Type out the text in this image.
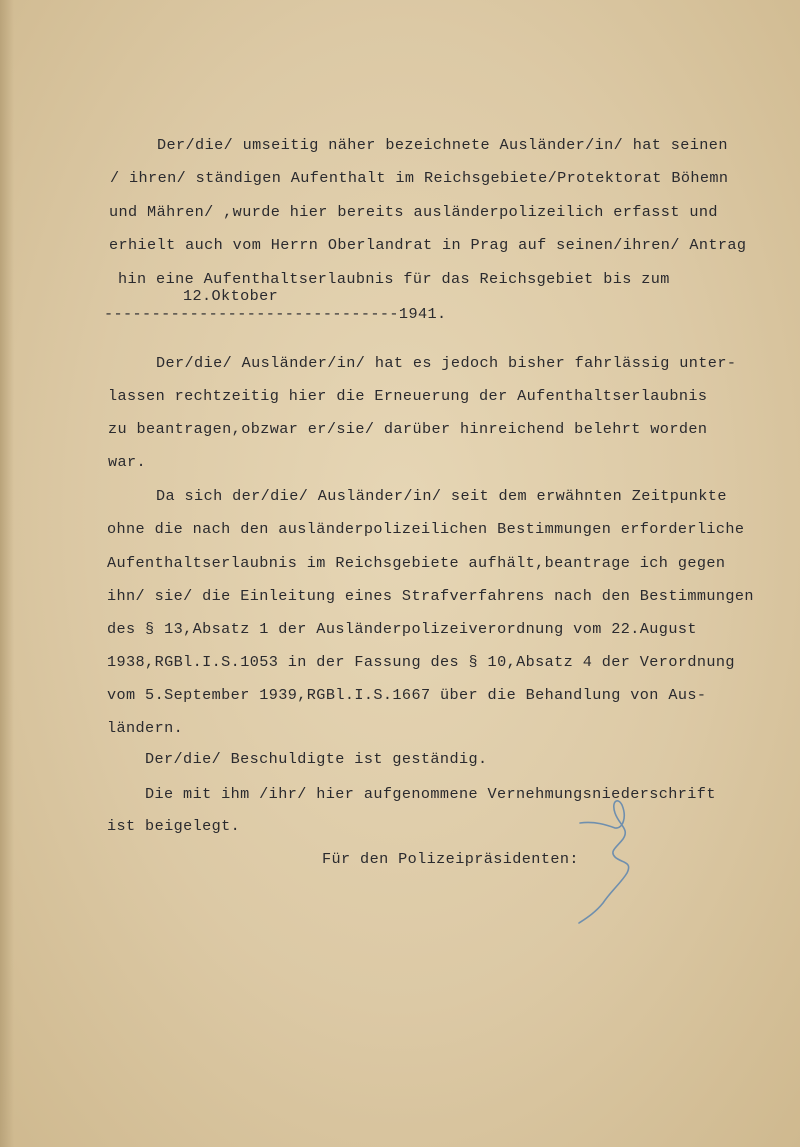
Der/die/ umseitig näher bezeichnete Ausländer/in/ hat seinen
/ ihren/ ständigen Aufenthalt im Reichsgebiete/Protektorat Böhemn
und Mähren/ ,wurde hier bereits ausländerpolizeilich erfasst und
erhielt auch vom Herrn Oberlandrat in Prag auf seinen/ihren/ Antrag
hin eine Aufenthaltserlaubnis für das Reichsgebiet bis zum
12.Oktober
-------------------------------1941.
Der/die/ Ausländer/in/ hat es jedoch bisher fahrlässig unter-
lassen rechtzeitig hier die Erneuerung der Aufenthaltserlaubnis
zu beantragen,obzwar er/sie/ darüber hinreichend belehrt worden
war.
Da sich der/die/ Ausländer/in/ seit dem erwähnten Zeitpunkte
ohne die nach den ausländerpolizeilichen Bestimmungen erforderliche
Aufenthaltserlaubnis im Reichsgebiete aufhält,beantrage ich gegen
ihn/ sie/ die Einleitung eines Strafverfahrens nach den Bestimmungen
des § 13,Absatz 1 der Ausländerpolizeiverordnung vom 22.August
1938,RGBl.I.S.1053 in der Fassung des § 10,Absatz 4 der Verordnung
vom 5.September 1939,RGBl.I.S.1667 über die Behandlung von Aus-
ländern.
Der/die/ Beschuldigte ist geständig.
Die mit ihm /ihr/ hier aufgenommene Vernehmungsniederschrift
ist beigelegt.
Für den Polizeipräsidenten:
